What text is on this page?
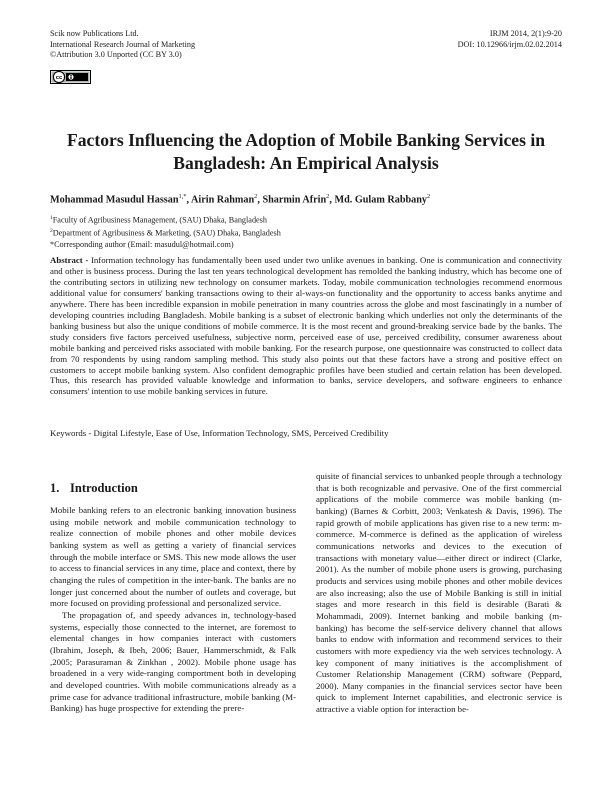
Scik now Publications Ltd.
International Research Journal of Marketing
©Attribution 3.0 Unported (CC BY 3.0)
IRJM 2014, 2(1):9-20
DOI: 10.12966/irjm.02.02.2014
cc
Factors Influencing the Adoption of Mobile Banking Services in
Bangladesh: An Empirical Analysis
Mohammad Masudul Hassan$^{1,*}$, Airin Rahman$^2$, Sharmin Afrin$^2$, Md. Gulam Rabbany$^2$
$^1$Faculty of Agribusiness Management, (SAU) Dhaka, Bangladesh
$^2$Department of Agribusiness & Marketing, (SAU) Dhaka, Bangladesh
*Corresponding author (Email: masudul@hotmail.com)
Abstract - Information technology has fundamentally been used under two unlike avenues in banking. One is communication and connectivity and other is business process. During the last ten years technological development has remolded the banking industry, which has become one of the contributing sectors in utilizing new technology on consumer markets. Today, mobile communication technologies recommend enormous additional value for consumers' banking transactions owing to their al-ways-on functionality and the opportunity to access banks anytime and anywhere. There has been incredible expansion in mobile penetration in many countries across the globe and most fascinatingly in a number of developing countries including Bangladesh. Mobile banking is a subset of electronic banking which underlies not only the determinants of the banking business but also the unique conditions of mobile commerce. It is the most recent and ground-breaking service bade by the banks. The study considers five factors perceived usefulness, subjective norm, perceived ease of use, perceived credibility, consumer awareness about mobile banking and perceived risks associated with mobile banking. For the research purpose, one questionnaire was constructed to collect data from 70 respondents by using random sampling method. This study also points out that these factors have a strong and positive effect on customers to accept mobile banking system. Also confident demographic profiles have been studied and certain relation has been developed. Thus, this research has provided valuable knowledge and information to banks, service developers, and software engineers to enhance consumers' intention to use mobile banking services in future.
Keywords - Digital Lifestyle, Ease of Use, Information Technology, SMS, Perceived Credibility
1. Introduction

Mobile banking refers to an electronic banking innovation business using mobile network and mobile communication technology to realize connection of mobile phones and other mobile devices banking system as well as getting a variety of financial services through the mobile interface or SMS. This new mode allows the user to access to financial services in any time, place and context, there by changing the rules of competition in the inter-bank. The banks are no longer just concerned about the number of outlets and coverage, but more focused on providing professional and personalized service.

The propagation of, and speedy advances in, technology-based systems, especially those connected to the internet, are foremost to elemental changes in how companies interact with customers (Ibrahim, Joseph, & Ibeh, 2006; Bauer, Hammerschmidt, & Falk ,2005; Parasuraman & Zinkhan , 2002). Mobile phone usage has broadened in a very wide-ranging comportment both in developing and developed countries. With mobile communications already as a prime case for advance traditional infrastructure, mobile banking (M-Banking) has huge prospective for extending the prere-

quisite of financial services to unbanked people through a technology that is both recognizable and pervasive. One of the first commercial applications of the mobile commerce was mobile banking (m-banking) (Barnes & Corbitt, 2003; Venkatesh & Davis, 1996). The rapid growth of mobile applications has given rise to a new term: m-commerce. M-commerce is defined as the application of wireless communications networks and devices to the execution of transactions with monetary value—either direct or indirect (Clarke, 2001). As the number of mobile phone users is growing, purchasing products and services using mobile phones and other mobile devices are also increasing; also the use of Mobile Banking is still in initial stages and more research in this field is desirable (Barati & Mohammadi, 2009). Internet banking and mobile banking (m-banking) has become the self-service delivery channel that allows banks to endow with information and recommend services to their customers with more expediency via the web services technology. A key component of many initiatives is the accomplishment of Customer Relationship Management (CRM) software (Peppard, 2000). Many companies in the financial services sector have been quick to implement Internet capabilities, and electronic service is attractive a viable option for interaction be-
